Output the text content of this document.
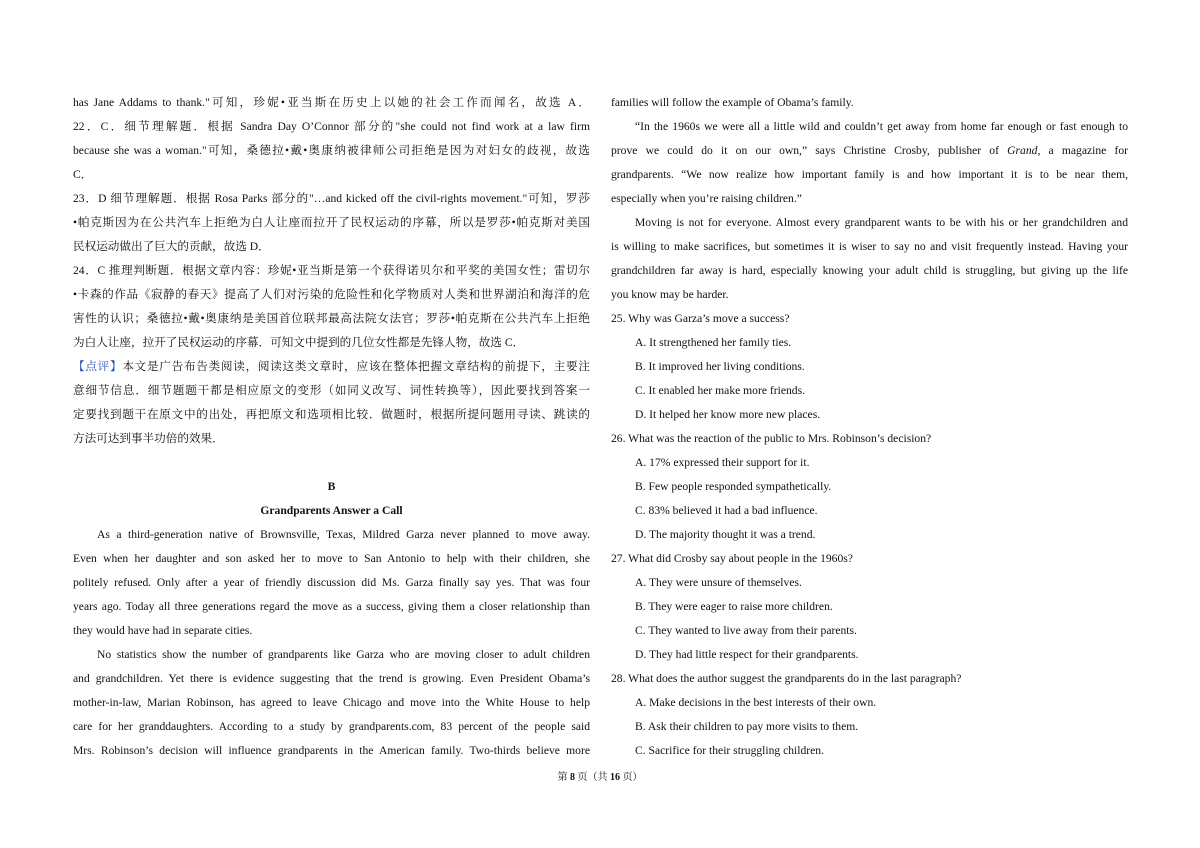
has Jane Addams to thank."可知，珍妮•亚当斯在历史上以她的社会工作而闻名，故选 A．
22．C．细节理解题．根据 Sandra Day O’Connor 部分的"she could not find work at a law firm
because she was a woman."可知，桑德拉•戴•奥康纳被律师公司拒绝是因为对妇女的歧视，故选
C．
23．D 细节理解题．根据 Rosa Parks 部分的"…and kicked off the civil-rights movement."可知，罗莎
•帕克斯因为在公共汽车上拒绝为白人让座而拉开了民权运动的序幕，所以是罗莎•帕克斯对美国
民权运动做出了巨大的贡献，故选 D．
24．C 推理判断题．根据文章内容：珍妮•亚当斯是第一个获得诺贝尔和平奖的美国女性；雷切尔
•卡森的作品《寂静的春天》提高了人们对污染的危险性和化学物质对人类和世界湖泊和海洋的危
害性的认识；桑德拉•戴•奥康纳是美国首位联邦最高法院女法官；罗莎•帕克斯在公共汽车上拒绝
为白人让座，拉开了民权运动的序幕．可知文中提到的几位女性都是先锋人物，故选 C．
【点评】本文是广告布告类阅读，阅读这类文章时，应该在整体把握文章结构的前提下，主要注
意细节信息．细节题题干都是相应原文的变形（如同义改写、词性转换等），因此要找到答案一
定要找到题干在原文中的出处，再把原文和选项相比较．做题时，根据所提问题用寻读、跳读的
方法可达到事半功倍的效果．
B
Grandparents Answer a Call
As a third-generation native of Brownsville, Texas, Mildred Garza never planned to move away.
Even when her daughter and son asked her to move to San Antonio to help with their children, she
politely refused. Only after a year of friendly discussion did Ms. Garza finally say yes. That was four
years ago. Today all three generations regard the move as a success, giving them a closer relationship than
they would have had in separate cities.
No statistics show the number of grandparents like Garza who are moving closer to adult children
and grandchildren. Yet there is evidence suggesting that the trend is growing. Even President Obama’s
mother-in-law, Marian Robinson, has agreed to leave Chicago and move into the White House to help
care for her granddaughters. According to a study by grandparents.com, 83 percent of the people said
Mrs. Robinson’s decision will influence grandparents in the American family. Two-thirds believe more
families will follow the example of Obama’s family.
“In the 1960s we were all a little wild and couldn’t get away from home far enough or fast enough to
prove we could do it on our own,” says Christine Crosby, publisher of Grand, a magazine for
grandparents. “We now realize how important family is and how important it is to be near them,
especially when you’re raising children.”
Moving is not for everyone. Almost every grandparent wants to be with his or her grandchildren and
is willing to make sacrifices, but sometimes it is wiser to say no and visit frequently instead. Having your
grandchildren far away is hard, especially knowing your adult child is struggling, but giving up the life
you know may be harder.
25. Why was Garza’s move a success?
A. It strengthened her family ties.
B. It improved her living conditions.
C. It enabled her make more friends.
D. It helped her know more new places.
26. What was the reaction of the public to Mrs. Robinson’s decision?
A. 17% expressed their support for it.
B. Few people responded sympathetically.
C. 83% believed it had a bad influence.
D. The majority thought it was a trend.
27. What did Crosby say about people in the 1960s?
A. They were unsure of themselves.
B. They were eager to raise more children.
C. They wanted to live away from their parents.
D. They had little respect for their grandparents.
28. What does the author suggest the grandparents do in the last paragraph?
A. Make decisions in the best interests of their own.
B. Ask their children to pay more visits to them.
C. Sacrifice for their struggling children.
第 8 页（共 16 页）
